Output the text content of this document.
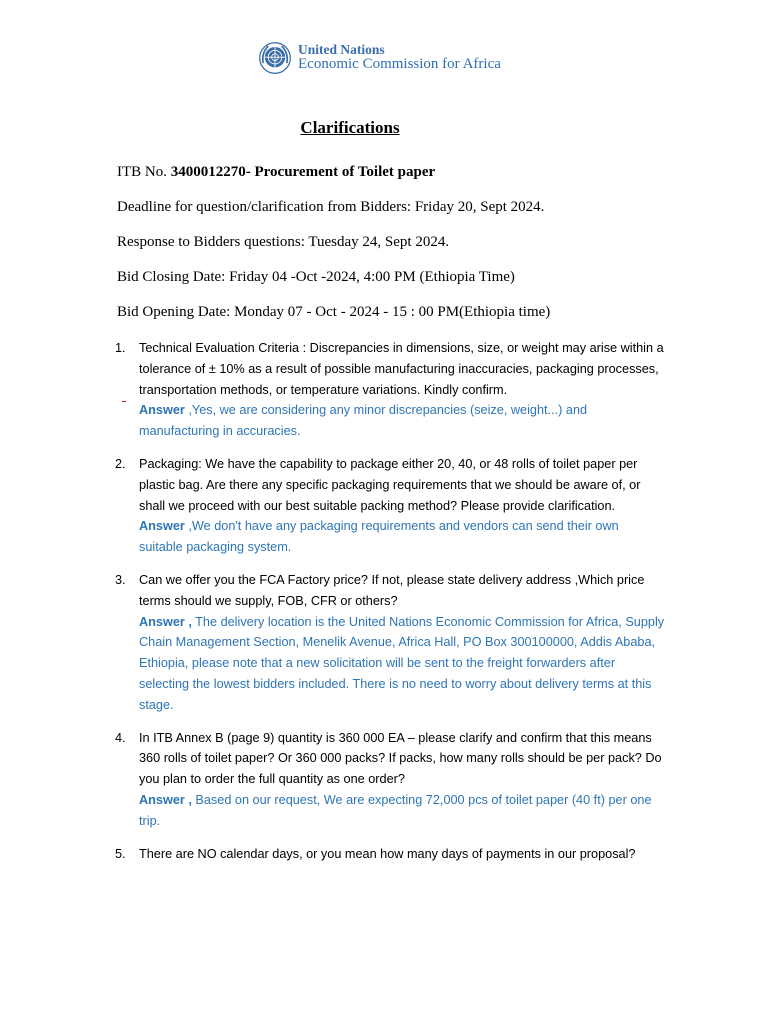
United Nations
Economic Commission for Africa
Clarifications
ITB No. 3400012270- Procurement of Toilet paper
Deadline for question/clarification from Bidders: Friday 20, Sept 2024.
Response to Bidders questions: Tuesday 24, Sept 2024.
Bid Closing Date: Friday 04 -Oct -2024, 4:00 PM (Ethiopia Time)
Bid Opening Date: Monday 07 - Oct - 2024 - 15 : 00 PM(Ethiopia time)
1. Technical Evaluation Criteria : Discrepancies in dimensions, size, or weight may arise within a tolerance of ± 10% as a result of possible manufacturing inaccuracies, packaging processes, transportation methods, or temperature variations. Kindly confirm.
Answer ,Yes, we are considering any minor discrepancies (seize, weight...) and manufacturing in accuracies.
2. Packaging: We have the capability to package either 20, 40, or 48 rolls of toilet paper per plastic bag. Are there any specific packaging requirements that we should be aware of, or shall we proceed with our best suitable packing method? Please provide clarification.
Answer ,We don't have any packaging requirements and vendors can send their own suitable packaging system.
3. Can we offer you the FCA Factory price? If not, please state delivery address ,Which price terms should we supply, FOB, CFR or others?
Answer , The delivery location is the United Nations Economic Commission for Africa, Supply Chain Management Section, Menelik Avenue, Africa Hall, PO Box 300100000, Addis Ababa, Ethiopia, please note that a new solicitation will be sent to the freight forwarders after selecting the lowest bidders included. There is no need to worry about delivery terms at this stage.
4. In ITB Annex B (page 9) quantity is 360 000 EA – please clarify and confirm that this means 360 rolls of toilet paper? Or 360 000 packs? If packs, how many rolls should be per pack? Do you plan to order the full quantity as one order?
Answer , Based on our request, We are expecting 72,000 pcs of toilet paper (40 ft) per one trip.
5. There are NO calendar days, or you mean how many days of payments in our proposal?
